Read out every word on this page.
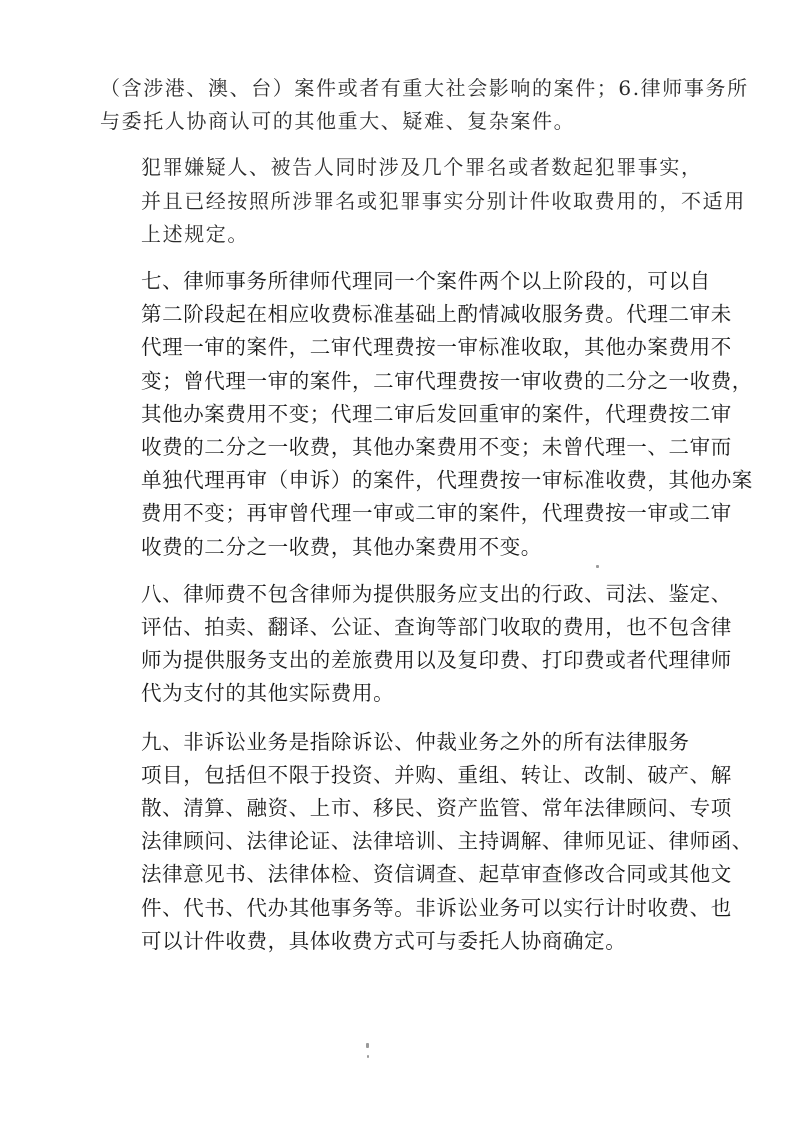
（含涉港、澳、台）案件或者有重大社会影响的案件；6.律师事务所
与委托人协商认可的其他重大、疑难、复杂案件。

犯罪嫌疑人、被告人同时涉及几个罪名或者数起犯罪事实，
并且已经按照所涉罪名或犯罪事实分别计件收取费用的，不适用
上述规定。

七、律师事务所律师代理同一个案件两个以上阶段的，可以自
第二阶段起在相应收费标准基础上酌情减收服务费。代理二审未
代理一审的案件，二审代理费按一审标准收取，其他办案费用不
变；曾代理一审的案件，二审代理费按一审收费的二分之一收费，
其他办案费用不变；代理二审后发回重审的案件，代理费按二审
收费的二分之一收费，其他办案费用不变；未曾代理一、二审而
单独代理再审（申诉）的案件，代理费按一审标准收费，其他办案
费用不变；再审曾代理一审或二审的案件，代理费按一审或二审
收费的二分之一收费，其他办案费用不变。

八、律师费不包含律师为提供服务应支出的行政、司法、鉴定、
评估、拍卖、翻译、公证、查询等部门收取的费用，也不包含律
师为提供服务支出的差旅费用以及复印费、打印费或者代理律师
代为支付的其他实际费用。

九、非诉讼业务是指除诉讼、仲裁业务之外的所有法律服务
项目，包括但不限于投资、并购、重组、转让、改制、破产、解
散、清算、融资、上市、移民、资产监管、常年法律顾问、专项
法律顾问、法律论证、法律培训、主持调解、律师见证、律师函、
法律意见书、法律体检、资信调查、起草审查修改合同或其他文
件、代书、代办其他事务等。非诉讼业务可以实行计时收费、也
可以计件收费，具体收费方式可与委托人协商确定。
